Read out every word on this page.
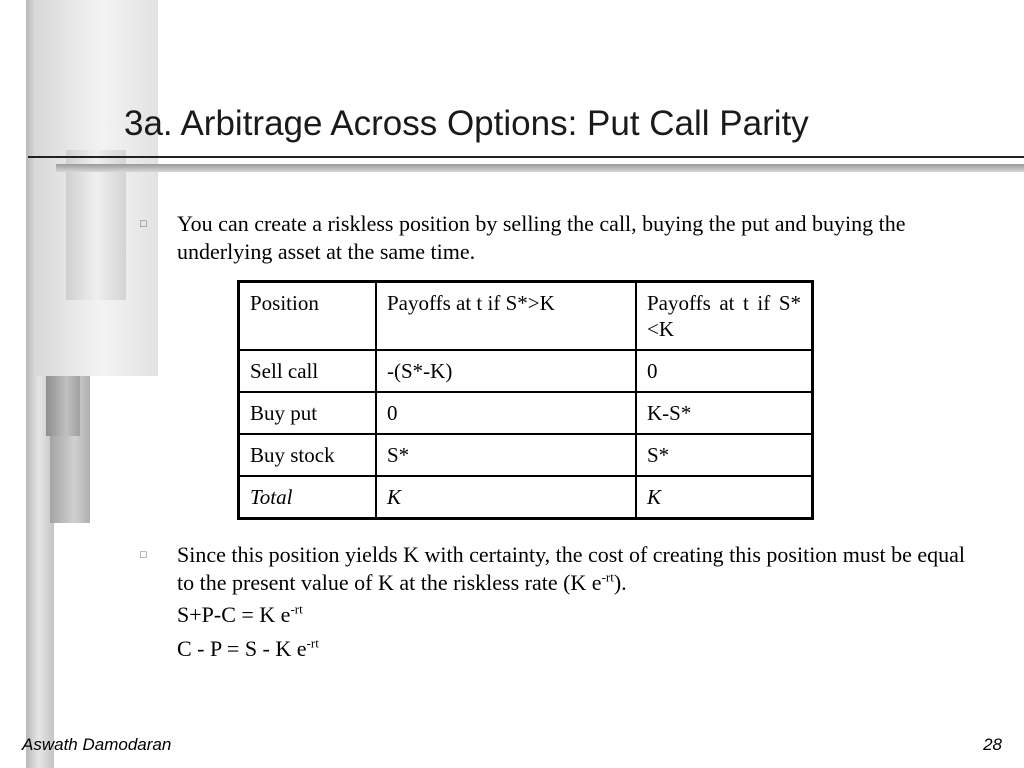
3a. Arbitrage Across Options: Put Call Parity
□ You can create a riskless position by selling the call, buying the put and buying the underlying asset at the same time.
Position	Payoffs at t if S*>K	Payoffs at t if S*<K
Sell call	-(S*-K)	0
Buy put	0	K-S*
Buy stock	S*	S*
Total	K	K
□ Since this position yields K with certainty, the cost of creating this position must be equal to the present value of K at the riskless rate (K $e^{-rt}$).
S+P-C = K $e^{-rt}$
C - P = S - K $e^{-rt}$
Aswath Damodaran	28
